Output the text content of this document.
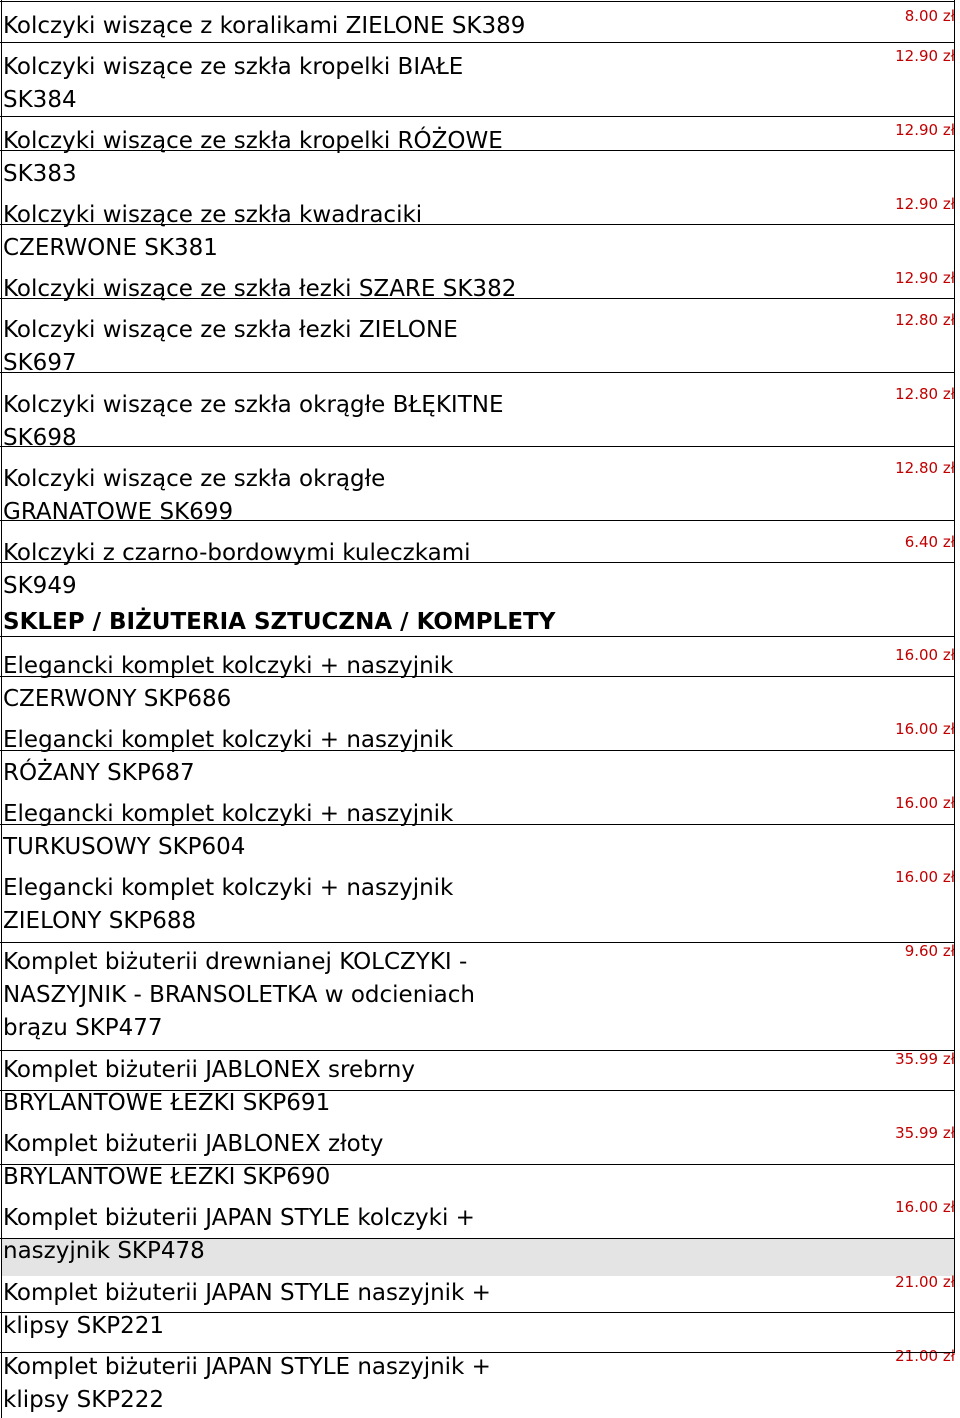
Kolczyki wiszące z koralikami ZIELONE SK389	8.00 zł
Kolczyki wiszące ze szkła kropelki BIAŁE
SK384
12.90 zł
Kolczyki wiszące ze szkła kropelki RÓŻOWE
SK383
12.90 zł
Kolczyki wiszące ze szkła kwadraciki
CZERWONE SK381
12.90 zł
Kolczyki wiszące ze szkła łezki SZARE SK382	12.90 zł
Kolczyki wiszące ze szkła łezki ZIELONE
SK697
12.80 zł
Kolczyki wiszące ze szkła okrągłe BŁĘKITNE
SK698
12.80 zł
Kolczyki wiszące ze szkła okrągłe
GRANATOWE SK699
12.80 zł
Kolczyki z czarno-bordowymi kuleczkami
SK949
6.40 zł
SKLEP / BIŻUTERIA SZTUCZNA / KOMPLETY
Elegancki komplet kolczyki + naszyjnik
CZERWONY SKP686
16.00 zł
Elegancki komplet kolczyki + naszyjnik
RÓŻANY SKP687
16.00 zł
Elegancki komplet kolczyki + naszyjnik
TURKUSOWY SKP604
16.00 zł
Elegancki komplet kolczyki + naszyjnik
ZIELONY SKP688
16.00 zł
Komplet biżuterii drewnianej KOLCZYKI -
NASZYJNIK - BRANSOLETKA w odcieniach
brązu SKP477
9.60 zł
Komplet biżuterii JABLONEX srebrny
BRYLANTOWE ŁEZKI SKP691
35.99 zł
Komplet biżuterii JABLONEX złoty
BRYLANTOWE ŁEZKI SKP690
35.99 zł
Komplet biżuterii JAPAN STYLE kolczyki +
naszyjnik SKP478
16.00 zł
Komplet biżuterii JAPAN STYLE naszyjnik +
klipsy SKP221
21.00 zł
Komplet biżuterii JAPAN STYLE naszyjnik +
klipsy SKP222
21.00 zł
